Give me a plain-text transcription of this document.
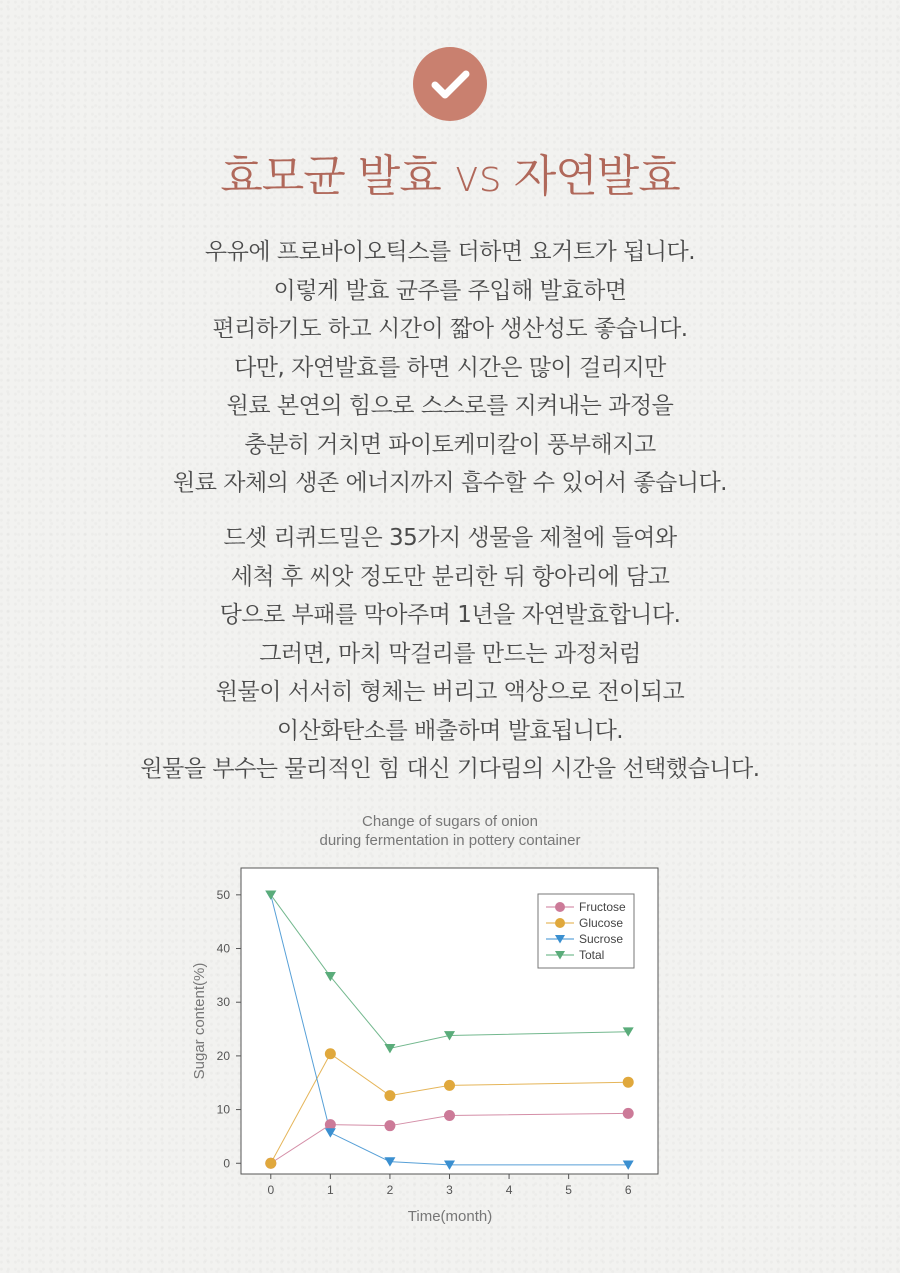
효모균 발효 vs 자연발효

우유에 프로바이오틱스를 더하면 요거트가 됩니다.

이렇게 발효 균주를 주입해 발효하면

편리하기도 하고 시간이 짧아 생산성도 좋습니다.

다만, 자연발효를 하면 시간은 많이 걸리지만

원료 본연의 힘으로 스스로를 지켜내는 과정을

충분히 거치면 파이토케미칼이 풍부해지고

원료 자체의 생존 에너지까지 흡수할 수 있어서 좋습니다.

드셋 리퀴드밀은 35가지 생물을 제철에 들여와

세척 후 씨앗 정도만 분리한 뒤 항아리에 담고

당으로 부패를 막아주며 1년을 자연발효합니다.

그러면, 마치 막걸리를 만드는 과정처럼

원물이 서서히 형체는 버리고 액상으로 전이되고

이산화탄소를 배출하며 발효됩니다.

원물을 부수는 물리적인 힘 대신 기다림의 시간을 선택했습니다.

Change of sugars of onion
during fermentation in pottery container
0
10
20
30
40
50
0	1	2	3	4	5	6
Time(month)
Sugar content(%)
Fructose
Glucose
Sucrose
Total
